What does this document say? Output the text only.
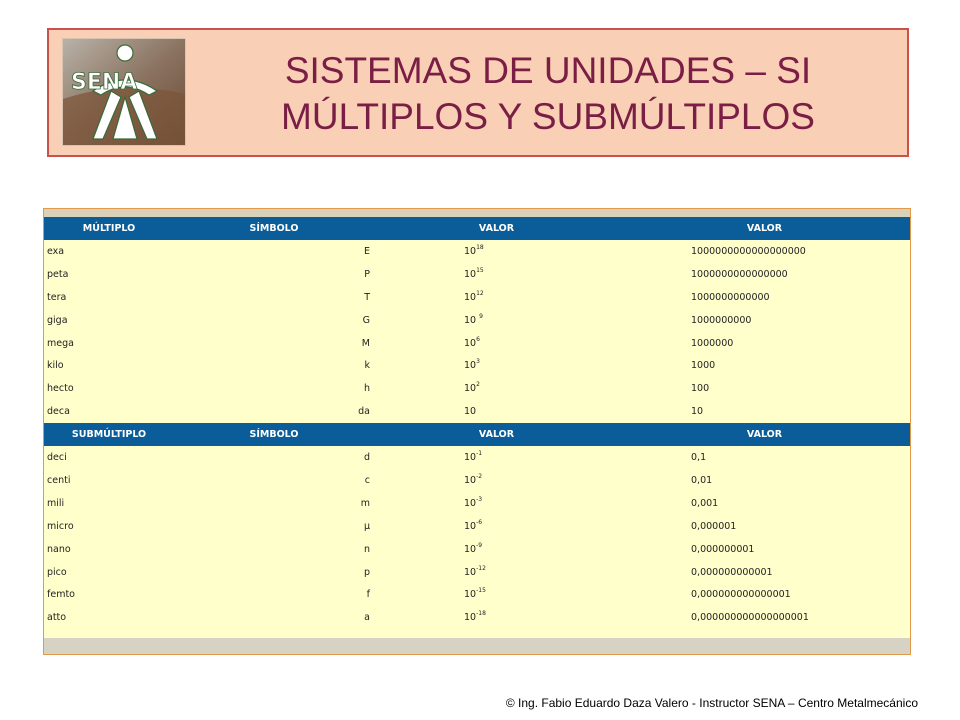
SENA	SISTEMAS DE UNIDADES – SI
MÚLTIPLOS Y SUBMÚLTIPLOS
MÚLTIPLO	SÍMBOLO	VALOR	VALOR
exa	E	$10^{18}$	1000000000000000000
peta	P	$10^{15}$	1000000000000000
tera	T	$10^{12}$	1000000000000
giga	G	10 $^9$	1000000000
mega	M	$10^6$	1000000
kilo	k	$10^3$	1000
hecto	h	$10^2$	100
deca	da	10	10
SUBMÚLTIPLO	SÍMBOLO	VALOR	VALOR
deci	d	$10^{-1}$	0,1
centi	c	$10^{-2}$	0,01
mili	m	$10^{-3}$	0,001
micro	μ	$10^{-6}$	0,000001
nano	n	$10^{-9}$	0,000000001
pico	p	$10^{-12}$	0,000000000001
femto	f	$10^{-15}$	0,000000000000001
atto	a	$10^{-18}$	0,000000000000000001
© Ing. Fabio Eduardo Daza Valero - Instructor SENA – Centro Metalmecánico
